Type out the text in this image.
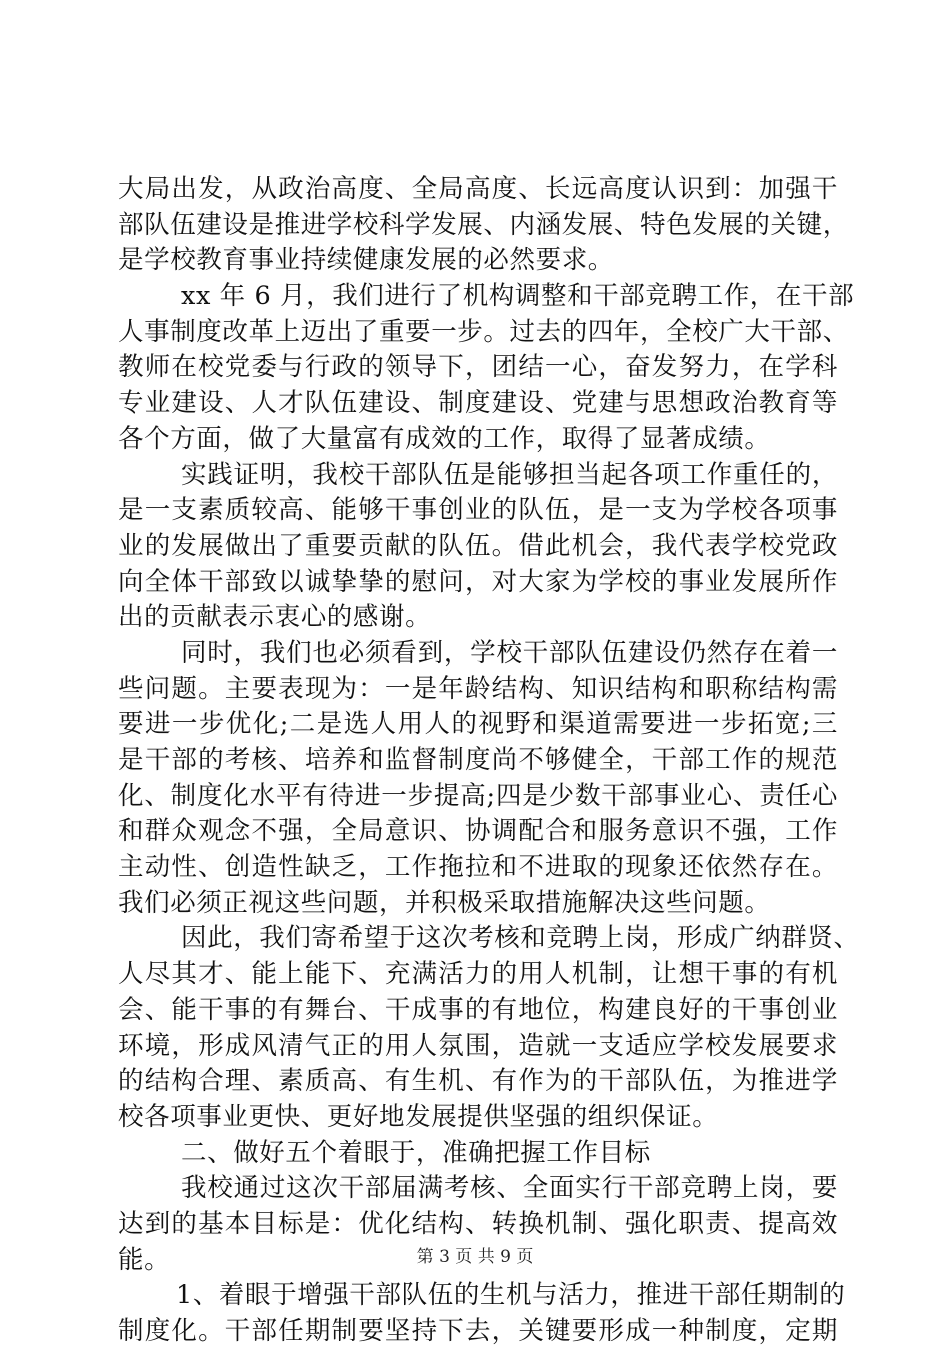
大局出发，从政治高度、全局高度、长远高度认识到：加强干
部队伍建设是推进学校科学发展、内涵发展、特色发展的关键，
是学校教育事业持续健康发展的必然要求。
xx 年 6 月，我们进行了机构调整和干部竞聘工作，在干部
人事制度改革上迈出了重要一步。过去的四年，全校广大干部、
教师在校党委与行政的领导下，团结一心，奋发努力，在学科
专业建设、人才队伍建设、制度建设、党建与思想政治教育等
各个方面，做了大量富有成效的工作，取得了显著成绩。
实践证明，我校干部队伍是能够担当起各项工作重任的，
是一支素质较高、能够干事创业的队伍，是一支为学校各项事
业的发展做出了重要贡献的队伍。借此机会，我代表学校党政
向全体干部致以诚挚挚的慰问，对大家为学校的事业发展所作
出的贡献表示衷心的感谢。
同时，我们也必须看到，学校干部队伍建设仍然存在着一
些问题。主要表现为：一是年龄结构、知识结构和职称结构需
要进一步优化;二是选人用人的视野和渠道需要进一步拓宽;三
是干部的考核、培养和监督制度尚不够健全，干部工作的规范
化、制度化水平有待进一步提高;四是少数干部事业心、责任心
和群众观念不强，全局意识、协调配合和服务意识不强，工作
主动性、创造性缺乏，工作拖拉和不进取的现象还依然存在。
我们必须正视这些问题，并积极采取措施解决这些问题。
因此，我们寄希望于这次考核和竞聘上岗，形成广纳群贤、
人尽其才、能上能下、充满活力的用人机制，让想干事的有机
会、能干事的有舞台、干成事的有地位，构建良好的干事创业
环境，形成风清气正的用人氛围，造就一支适应学校发展要求
的结构合理、素质高、有生机、有作为的干部队伍，为推进学
校各项事业更快、更好地发展提供坚强的组织保证。
二、做好五个着眼于，准确把握工作目标
我校通过这次干部届满考核、全面实行干部竞聘上岗，要
达到的基本目标是：优化结构、转换机制、强化职责、提高效
能。
1、着眼于增强干部队伍的生机与活力，推进干部任期制的
制度化。干部任期制要坚持下去，关键要形成一种制度，定期
第 3 页 共 9 页
